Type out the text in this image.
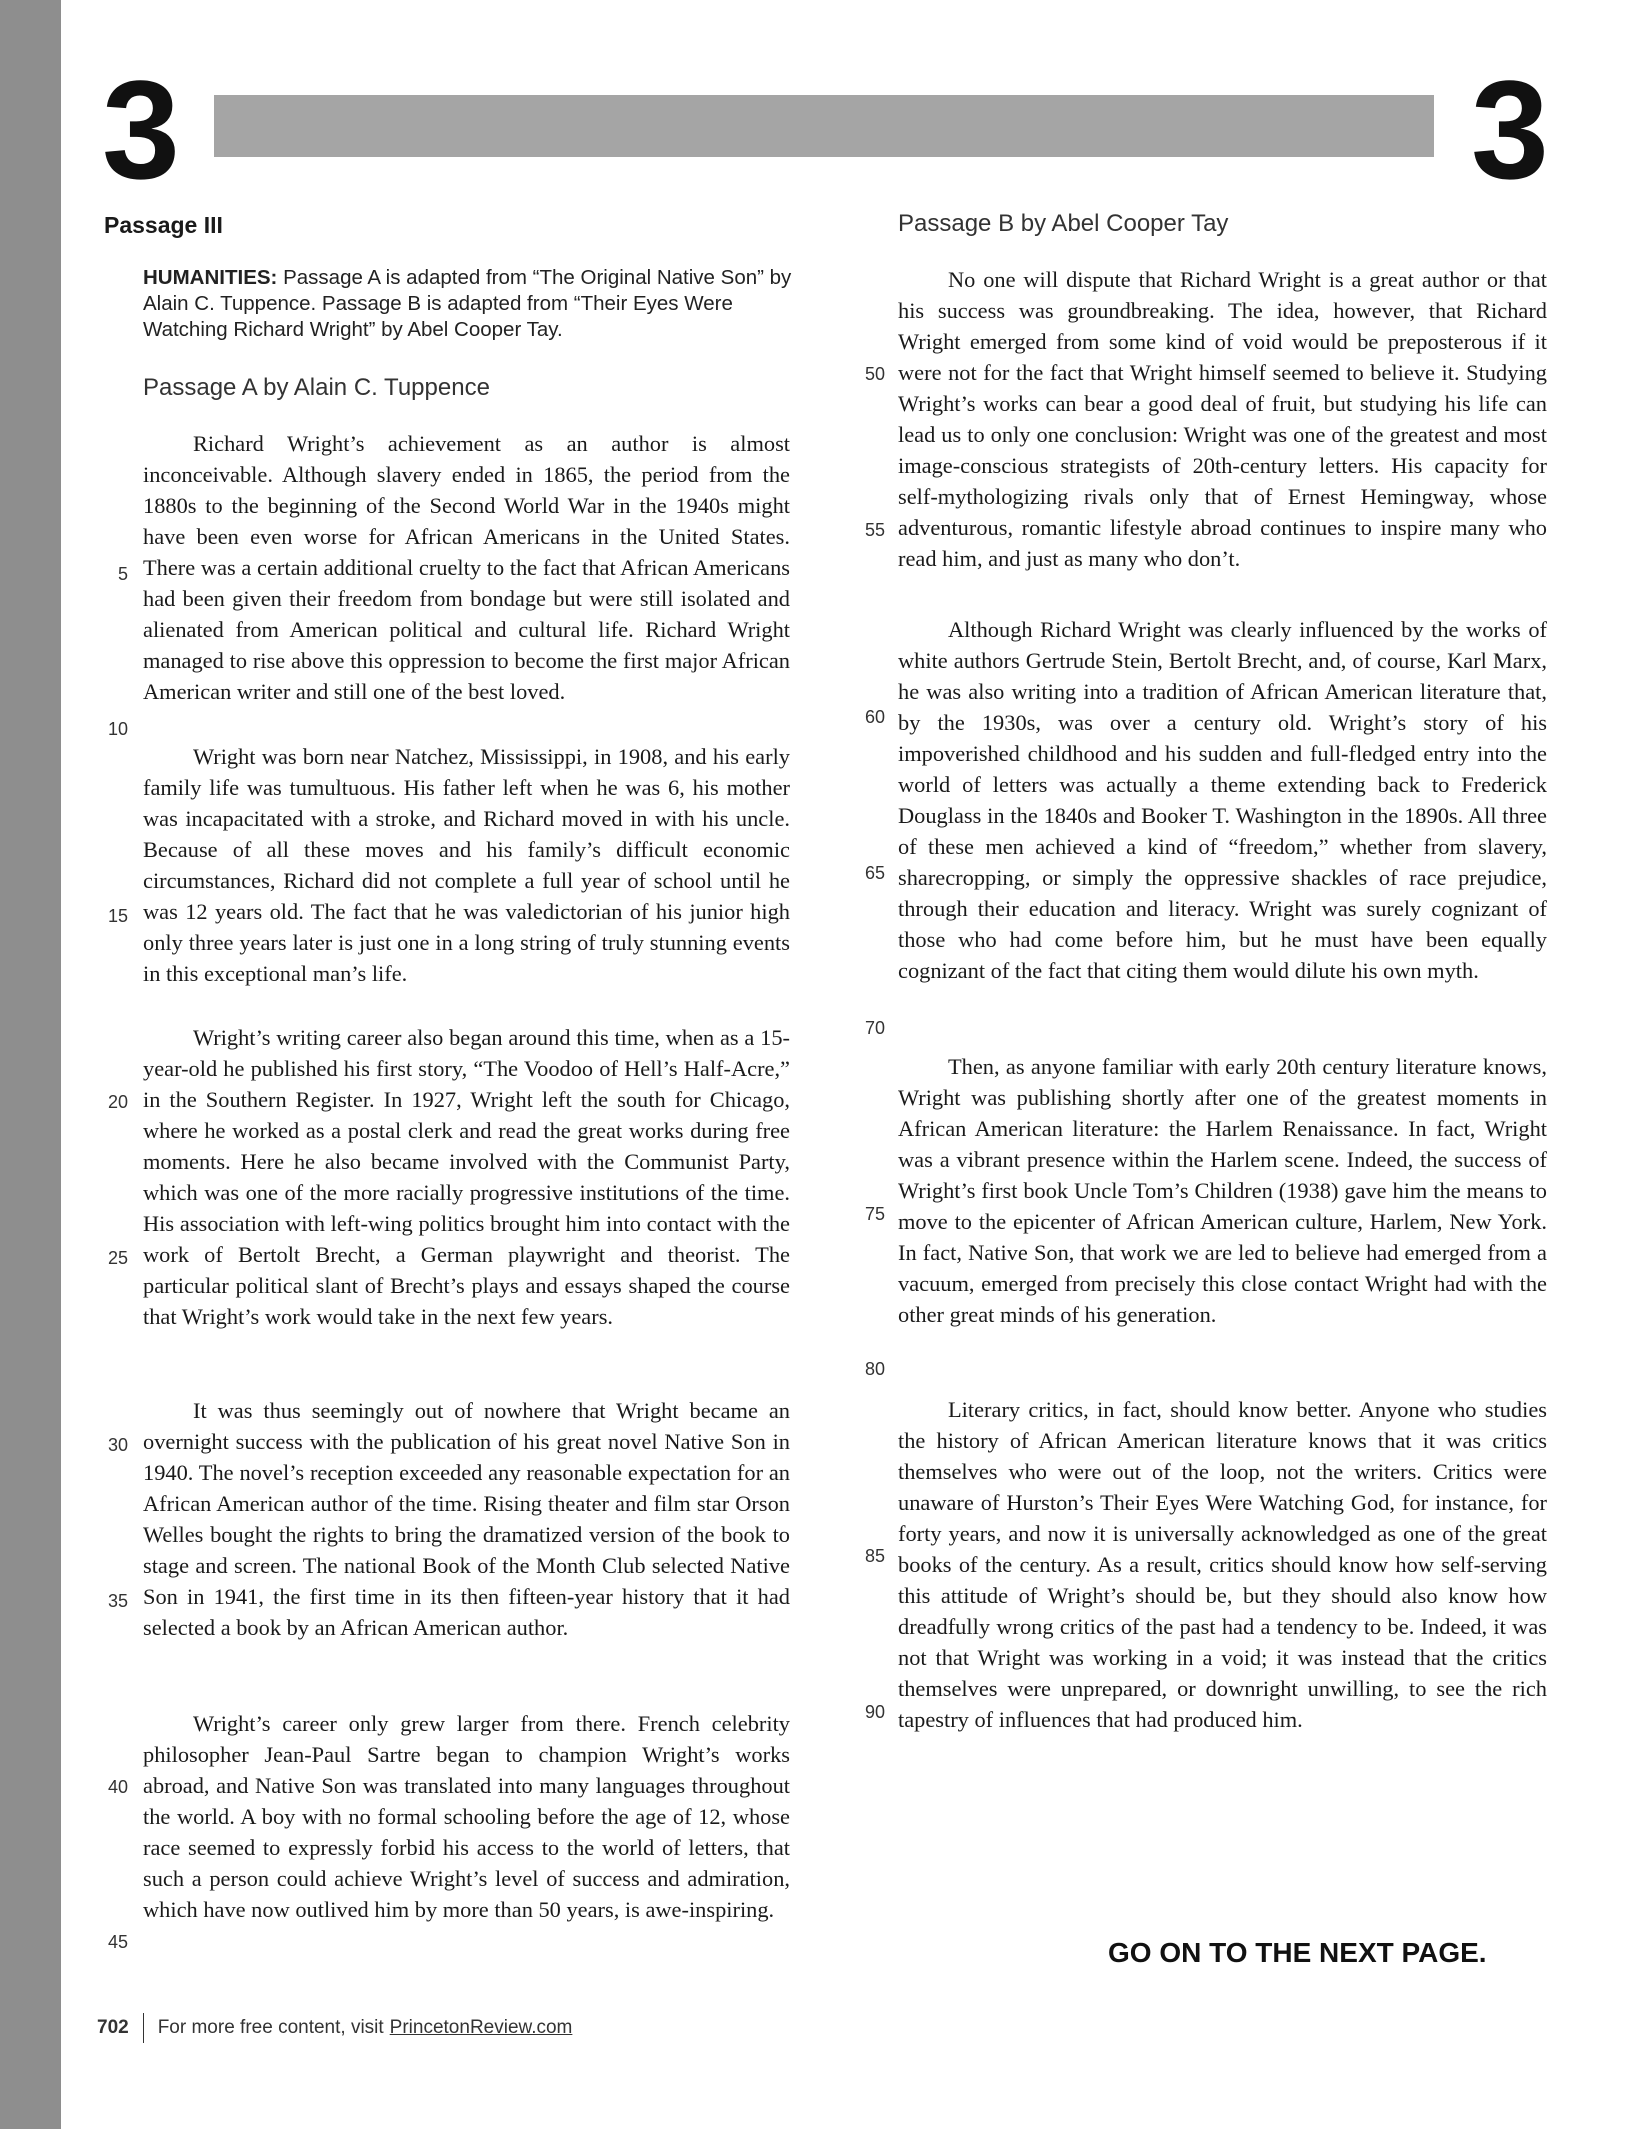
3	3
Passage III
HUMANITIES: Passage A is adapted from “The Original Native Son” by Alain C. Tuppence. Passage B is adapted from “Their Eyes Were Watching Richard Wright” by Abel Cooper Tay.
Passage A by Alain C. Tuppence

Richard Wright’s achievement as an author is almost inconceivable. Although slavery ended in 1865, the period from the 1880s to the beginning of the Second World War in the 1940s might have been even worse for African Americans in the United States. There was a certain additional cruelty to the fact that African Americans had been given their freedom from bondage but were still isolated and alienated from American political and cultural life. Richard Wright managed to rise above this oppression to become the first major African American writer and still one of the best loved.

Wright was born near Natchez, Mississippi, in 1908, and his early family life was tumultuous. His father left when he was 6, his mother was incapacitated with a stroke, and Richard moved in with his uncle. Because of all these moves and his family’s difficult economic circumstances, Richard did not complete a full year of school until he was 12 years old. The fact that he was valedictorian of his junior high only three years later is just one in a long string of truly stunning events in this exceptional man’s life.

Wright’s writing career also began around this time, when as a 15-year-old he published his first story, “The Voodoo of Hell’s Half-Acre,” in the Southern Register. In 1927, Wright left the south for Chicago, where he worked as a postal clerk and read the great works during free moments. Here he also became involved with the Communist Party, which was one of the more racially progressive institutions of the time. His association with left-wing politics brought him into contact with the work of Bertolt Brecht, a German playwright and theorist. The particular political slant of Brecht’s plays and essays shaped the course that Wright’s work would take in the next few years.

It was thus seemingly out of nowhere that Wright became an overnight success with the publication of his great novel Native Son in 1940. The novel’s reception exceeded any reasonable expectation for an African American author of the time. Rising theater and film star Orson Welles bought the rights to bring the dramatized version of the book to stage and screen. The national Book of the Month Club selected Native Son in 1941, the first time in its then fifteen-year history that it had selected a book by an African American author.

Wright’s career only grew larger from there. French celebrity philosopher Jean-Paul Sartre began to champion Wright’s works abroad, and Native Son was translated into many languages throughout the world. A boy with no formal schooling before the age of 12, whose race seemed to expressly forbid his access to the world of letters, that such a person could achieve Wright’s level of success and admiration, which have now outlived him by more than 50 years, is awe-inspiring.

Passage B by Abel Cooper Tay

No one will dispute that Richard Wright is a great author or that his success was groundbreaking. The idea, however, that Richard Wright emerged from some kind of void would be preposterous if it were not for the fact that Wright himself seemed to believe it. Studying Wright’s works can bear a good deal of fruit, but studying his life can lead us to only one conclusion: Wright was one of the greatest and most image-conscious strategists of 20th-century letters. His capacity for self-mythologizing rivals only that of Ernest Hemingway, whose adventurous, romantic lifestyle abroad continues to inspire many who read him, and just as many who don’t.

Although Richard Wright was clearly influenced by the works of white authors Gertrude Stein, Bertolt Brecht, and, of course, Karl Marx, he was also writing into a tradition of African American literature that, by the 1930s, was over a century old. Wright’s story of his impoverished childhood and his sudden and full-fledged entry into the world of letters was actually a theme extending back to Frederick Douglass in the 1840s and Booker T. Washington in the 1890s. All three of these men achieved a kind of “freedom,” whether from slavery, sharecropping, or simply the oppressive shackles of race prejudice, through their education and literacy. Wright was surely cognizant of those who had come before him, but he must have been equally cognizant of the fact that citing them would dilute his own myth.

Then, as anyone familiar with early 20th century literature knows, Wright was publishing shortly after one of the greatest moments in African American literature: the Harlem Renaissance. In fact, Wright was a vibrant presence within the Harlem scene. Indeed, the success of Wright’s first book Uncle Tom’s Children (1938) gave him the means to move to the epicenter of African American culture, Harlem, New York. In fact, Native Son, that work we are led to believe had emerged from a vacuum, emerged from precisely this close contact Wright had with the other great minds of his generation.

Literary critics, in fact, should know better. Anyone who studies the history of African American literature knows that it was critics themselves who were out of the loop, not the writers. Critics were unaware of Hurston’s Their Eyes Were Watching God, for instance, for forty years, and now it is universally acknowledged as one of the great books of the century. As a result, critics should know how self-serving this attitude of Wright’s should be, but they should also know how dreadfully wrong critics of the past had a tendency to be. Indeed, it was not that Wright was working in a void; it was instead that the critics themselves were unprepared, or downright unwilling, to see the rich tapestry of influences that had produced him.

5
10
15
20
25
30
35
40
45
50
55
60
65
70
75
80
85
90
GO ON TO THE NEXT PAGE.
702 For more free content, visit PrincetonReview.com
